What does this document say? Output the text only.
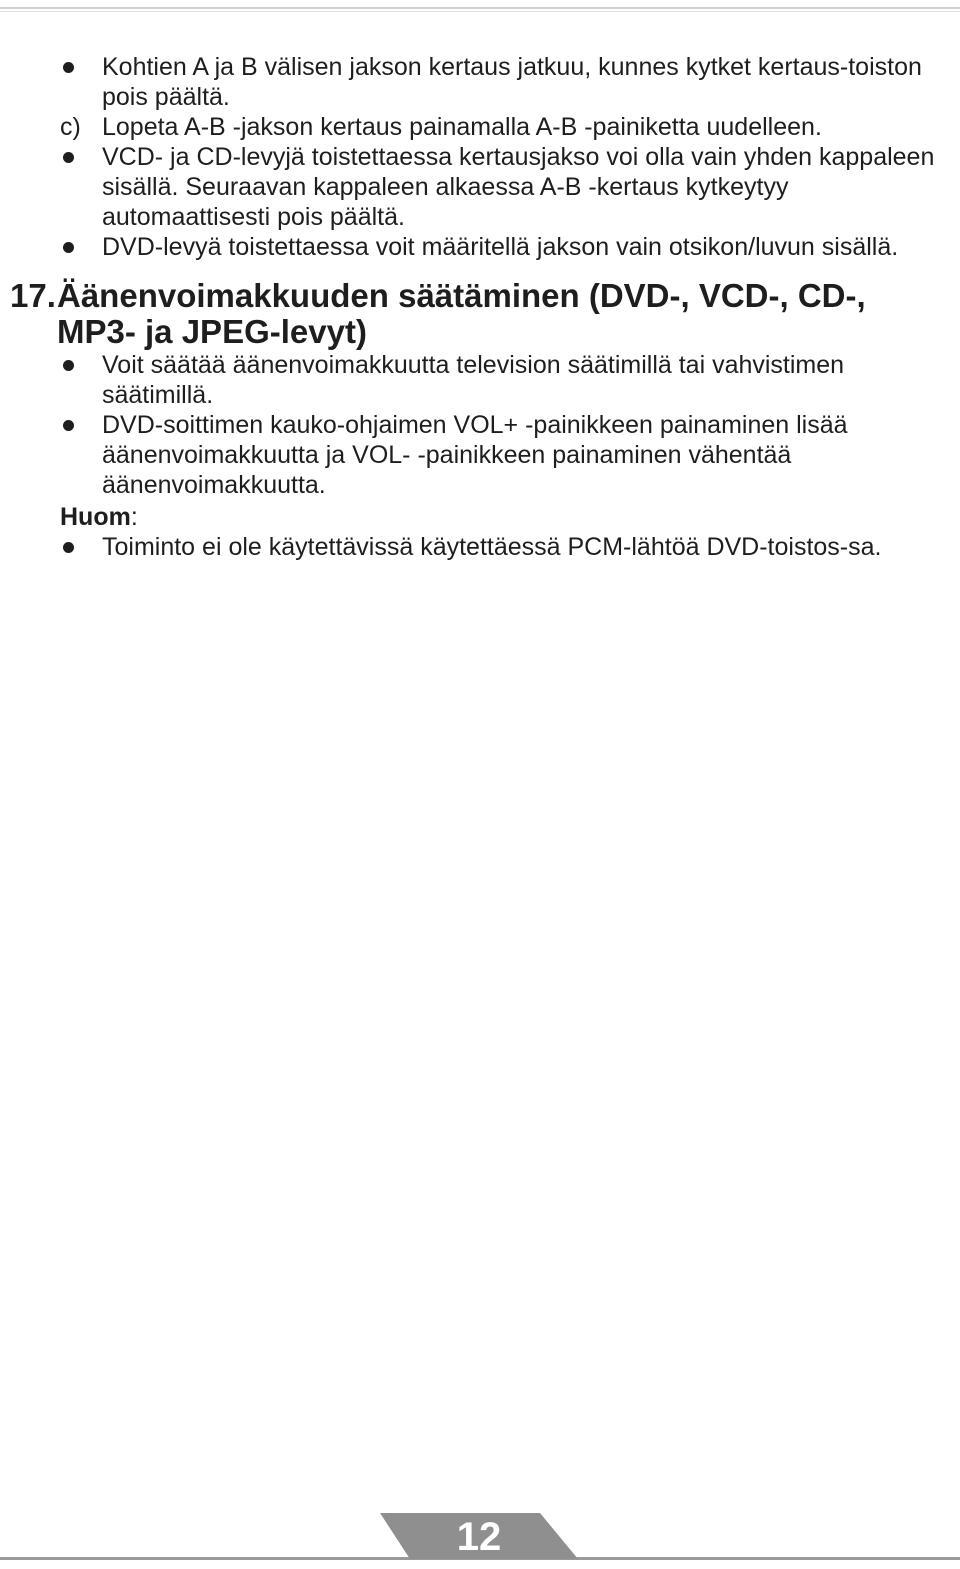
Kohtien A ja B välisen jakson kertaus jatkuu, kunnes kytket kertaus-toiston pois päältä.
c) Lopeta A-B -jakson kertaus painamalla A-B -painiketta uudelleen.
VCD- ja CD-levyjä toistettaessa kertausjakso voi olla vain yhden kappaleen sisällä. Seuraavan kappaleen alkaessa A-B -kertaus kytkeytyy automaattisesti pois päältä.
DVD-levyä toistettaessa voit määritellä jakson vain otsikon/luvun sisällä.
17. Äänenvoimakkuuden säätäminen (DVD-, VCD-, CD-, MP3- ja JPEG-levyt)
Voit säätää äänenvoimakkuutta television säätimillä tai vahvistimen säätimillä.
DVD-soittimen kauko-ohjaimen VOL+ -painikkeen painaminen lisää äänenvoimakkuutta ja VOL- -painikkeen painaminen vähentää äänenvoimakkuutta.
Huom:
Toiminto ei ole käytettävissä käytettäessä PCM-lähtöä DVD-toistos-sa.
12
